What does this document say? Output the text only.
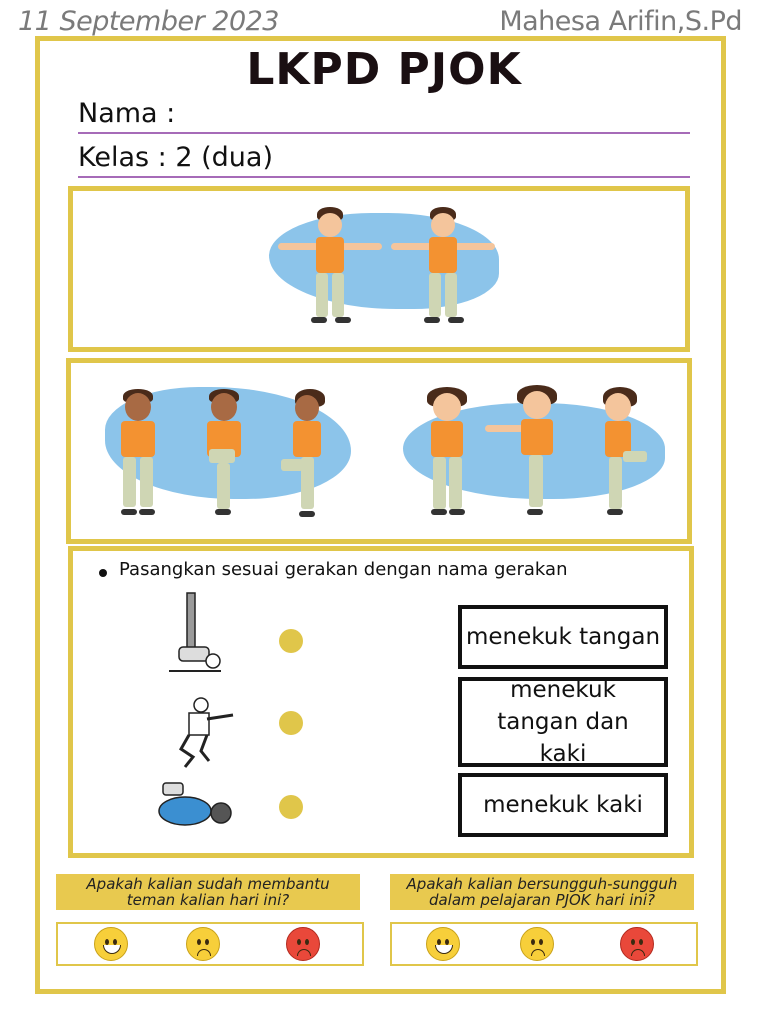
11 September 2023	Mahesa Arifin,S.Pd
LKPD PJOK
Nama :
Kelas : 2 (dua)
Pasangkan sesuai gerakan dengan nama gerakan
menekuk tangan
menekuk tangan dan kaki
menekuk kaki
Apakah kalian sudah membantu teman kalian hari ini?
Apakah kalian bersungguh-sungguh dalam pelajaran PJOK hari ini?
